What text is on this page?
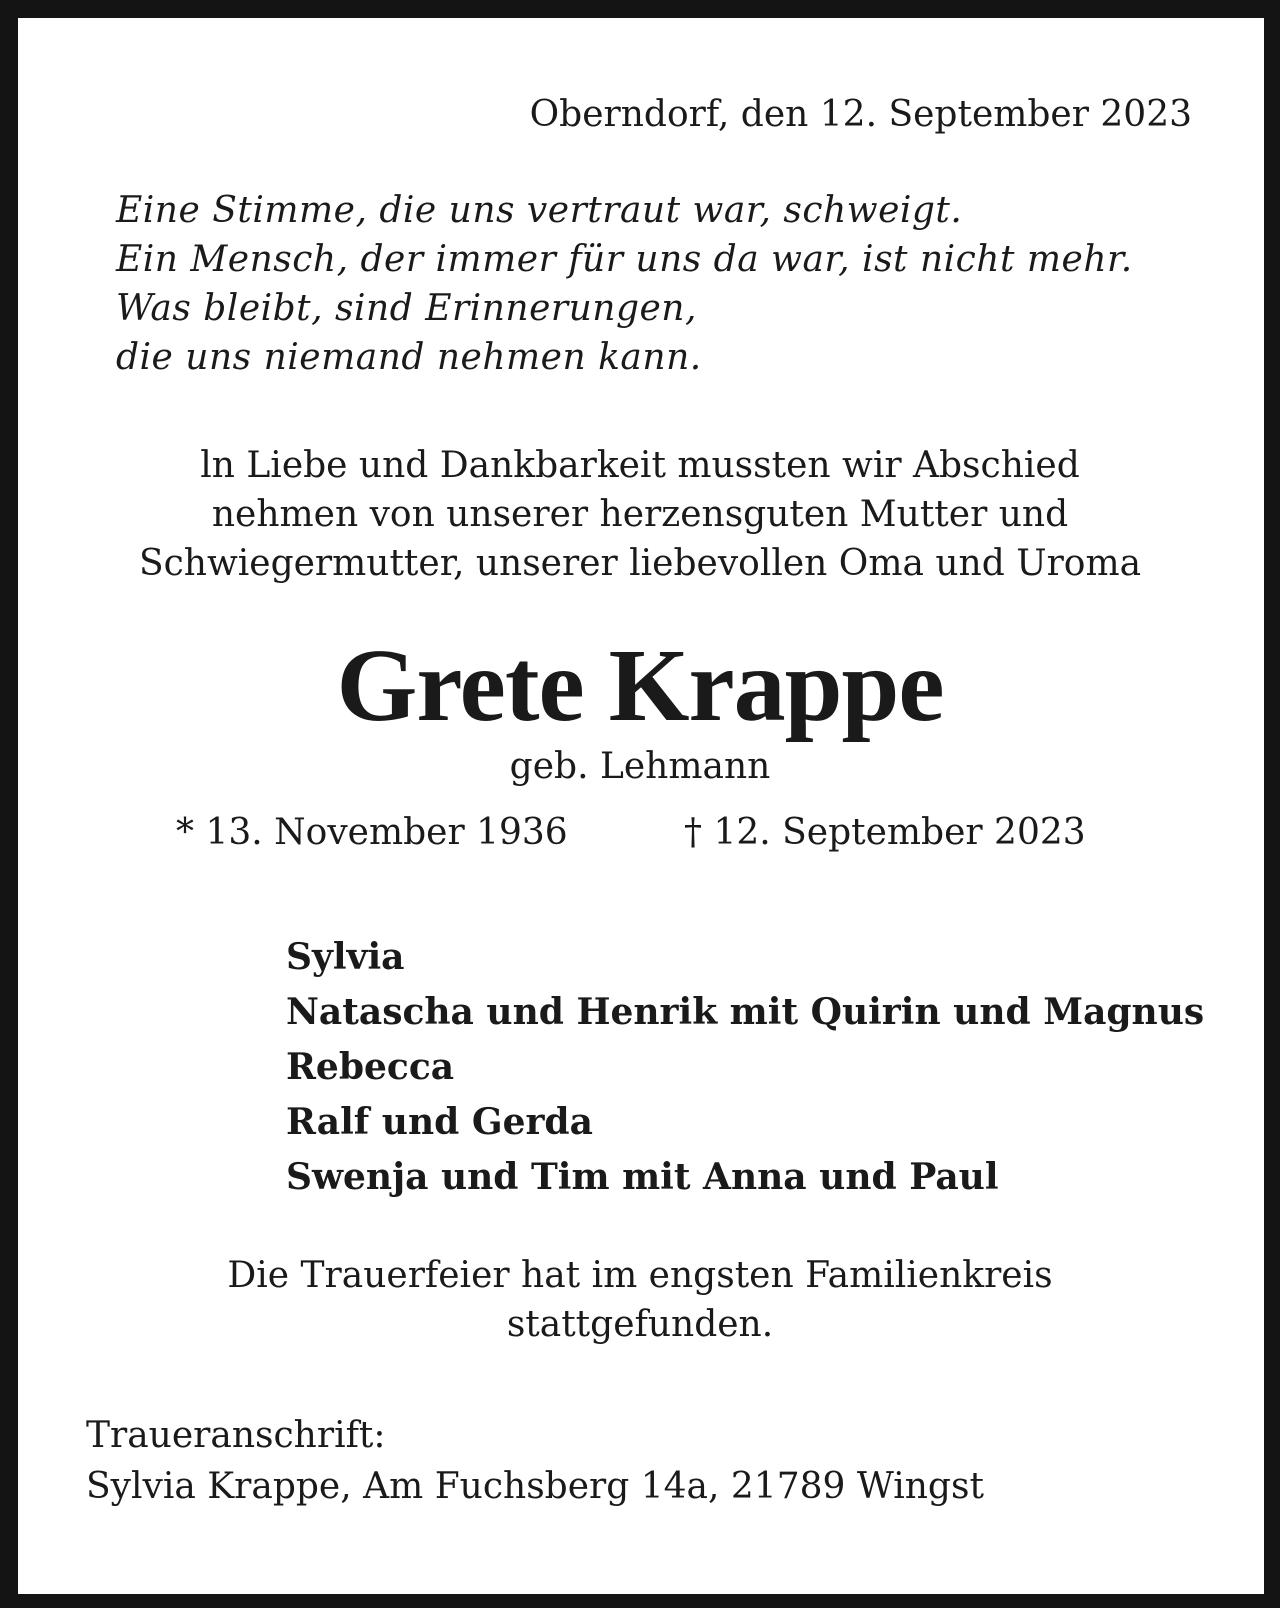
Oberndorf, den 12. September 2023

Eine Stimme, die uns vertraut war, schweigt.
Ein Mensch, der immer für uns da war, ist nicht mehr.
Was bleibt, sind Erinnerungen,
die uns niemand nehmen kann.
ln Liebe und Dankbarkeit mussten wir Abschied
nehmen von unserer herzensguten Mutter und
Schwiegermutter, unserer liebevollen Oma und Uroma
Grete Krappe

geb. Lehmann

* 13. November 1936	† 12. September 2023

Sylvia
Natascha und Henrik mit Quirin und Magnus
Rebecca
Ralf und Gerda
Swenja und Tim mit Anna und Paul
Die Trauerfeier hat im engsten Familienkreis
stattgefunden.
Traueranschrift:
Sylvia Krappe, Am Fuchsberg 14a, 21789 Wingst
